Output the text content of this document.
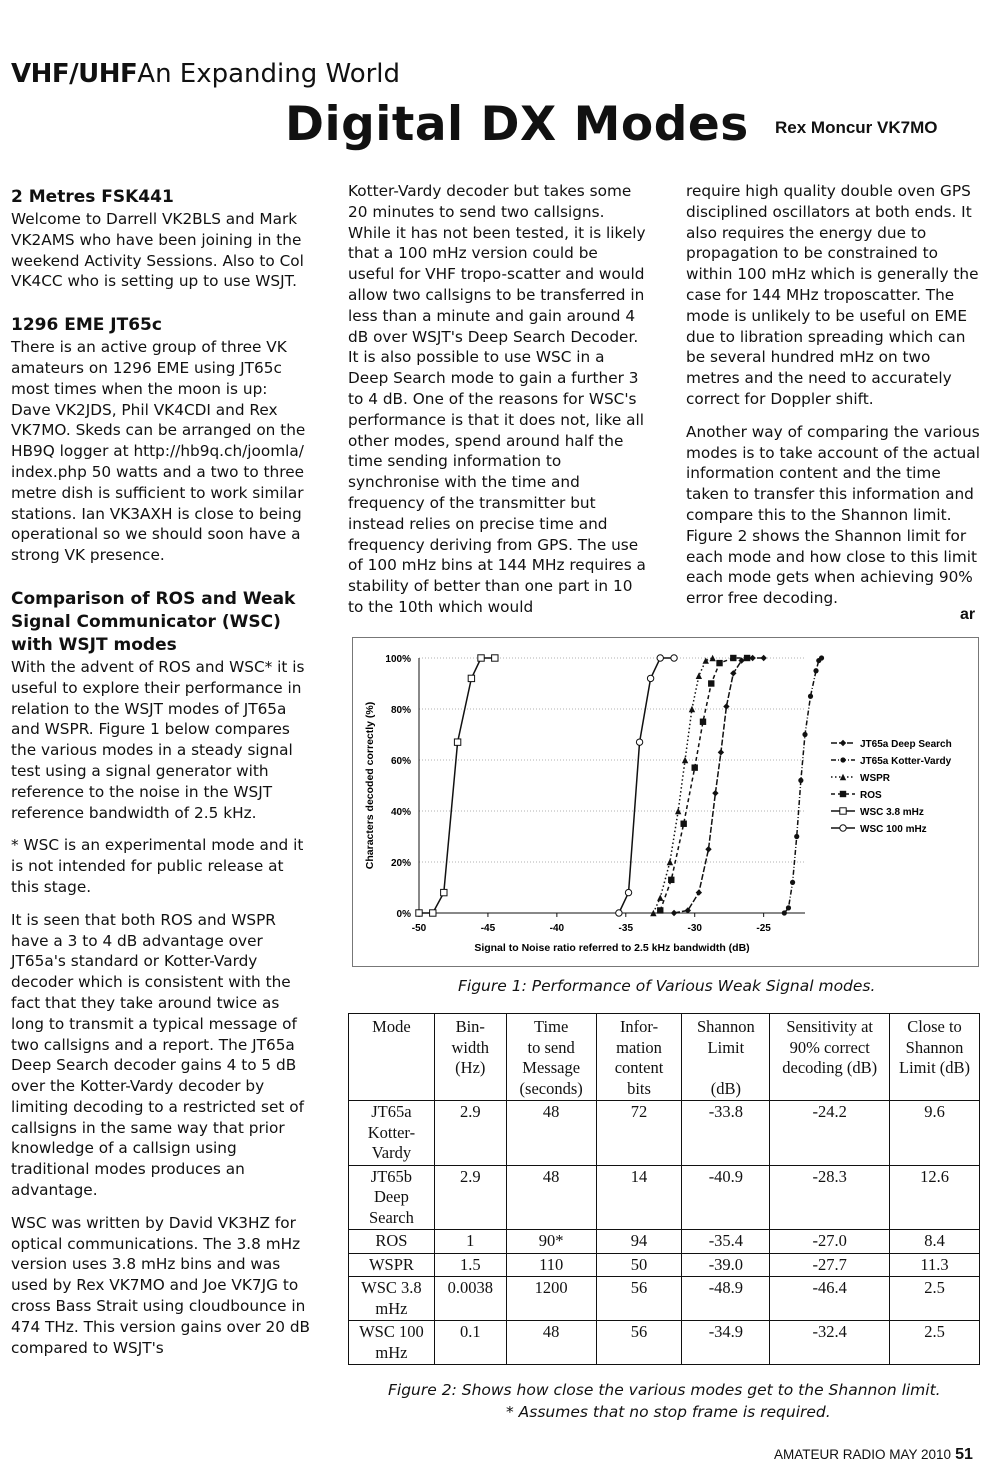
VHF/UHFAn Expanding World
Digital DX Modes Rex Moncur VK7MO
2 Metres FSK441

Welcome to Darrell VK2BLS and Mark VK2AMS who have been joining in the weekend Activity Sessions. Also to Col VK4CC who is setting up to use WSJT.

1296 EME JT65c

There is an active group of three VK amateurs on 1296 EME using JT65c most times when the moon is up: Dave VK2JDS, Phil VK4CDI and Rex VK7MO. Skeds can be arranged on the HB9Q logger at http://hb9q.ch/joomla/ index.php 50 watts and a two to three metre dish is sufficient to work similar stations. Ian VK3AXH is close to being operational so we should soon have a strong VK presence.

Comparison of ROS and Weak Signal Communicator (WSC) with WSJT modes

With the advent of ROS and WSC* it is useful to explore their performance in relation to the WSJT modes of JT65a and WSPR. Figure 1 below compares the various modes in a steady signal test using a signal generator with reference to the noise in the WSJT reference bandwidth of 2.5 kHz.

* WSC is an experimental mode and it is not intended for public release at this stage.

It is seen that both ROS and WSPR have a 3 to 4 dB advantage over JT65a's standard or Kotter-Vardy decoder which is consistent with the fact that they take around twice as long to transmit a typical message of two callsigns and a report. The JT65a Deep Search decoder gains 4 to 5 dB over the Kotter-Vardy decoder by limiting decoding to a restricted set of callsigns in the same way that prior knowledge of a callsign using traditional modes produces an advantage.

WSC was written by David VK3HZ for optical communications. The 3.8 mHz version uses 3.8 mHz bins and was used by Rex VK7MO and Joe VK7JG to cross Bass Strait using cloudbounce in 474 THz. This version gains over 20 dB compared to WSJT's

Kotter-Vardy decoder but takes some 20 minutes to send two callsigns. While it has not been tested, it is likely that a 100 mHz version could be useful for VHF tropo-scatter and would allow two callsigns to be transferred in less than a minute and gain around 4 dB over WSJT's Deep Search Decoder. It is also possible to use WSC in a Deep Search mode to gain a further 3 to 4 dB. One of the reasons for WSC's performance is that it does not, like all other modes, spend around half the time sending information to synchronise with the time and frequency of the transmitter but instead relies on precise time and frequency deriving from GPS. The use of 100 mHz bins at 144 MHz requires a stability of better than one part in 10 to the 10th which would

require high quality double oven GPS disciplined oscillators at both ends. It also requires the energy due to propagation to be constrained to within 100 mHz which is generally the case for 144 MHz troposcatter. The mode is unlikely to be useful on EME due to libration spreading which can be several hundred mHz on two metres and the need to accurately correct for Doppler shift.

Another way of comparing the various modes is to take account of the actual information content and the time taken to transfer this information and compare this to the Shannon limit. Figure 2 shows the Shannon limit for each mode and how close to this limit each mode gets when achieving 90% error free decoding.

ar
0%
20%
40%
60%
80%
100%
-50	-45	-40	-35	-30	-25
Signal to Noise ratio referred to 2.5 kHz bandwidth (dB)
Characters decoded correctly (%)	JT65a Deep Search
JT65a Kotter-Vardy
WSPR
ROS
WSC 3.8 mHz
WSC 100 mHz
Figure 1: Performance of Various Weak Signal modes.
Mode	Bin-
width
(Hz)	Time
to send
Message
(seconds)	Infor-
mation
content
bits	Shannon
Limit

(dB)	Sensitivity at
90% correct
decoding (dB)	Close to
Shannon
Limit (dB)
JT65a
Kotter-
Vardy	2.9	48	72	-33.8	-24.2	9.6
JT65b
Deep
Search	2.9	48	14	-40.9	-28.3	12.6
ROS	1	90*	94	-35.4	-27.0	8.4
WSPR	1.5	110	50	-39.0	-27.7	11.3
WSC 3.8
mHz	0.0038	1200	56	-48.9	-46.4	2.5
WSC 100
mHz	0.1	48	56	-34.9	-32.4	2.5
Figure 2: Shows how close the various modes get to the Shannon limit.
* Assumes that no stop frame is required.
AMATEUR RADIO MAY 2010 51
